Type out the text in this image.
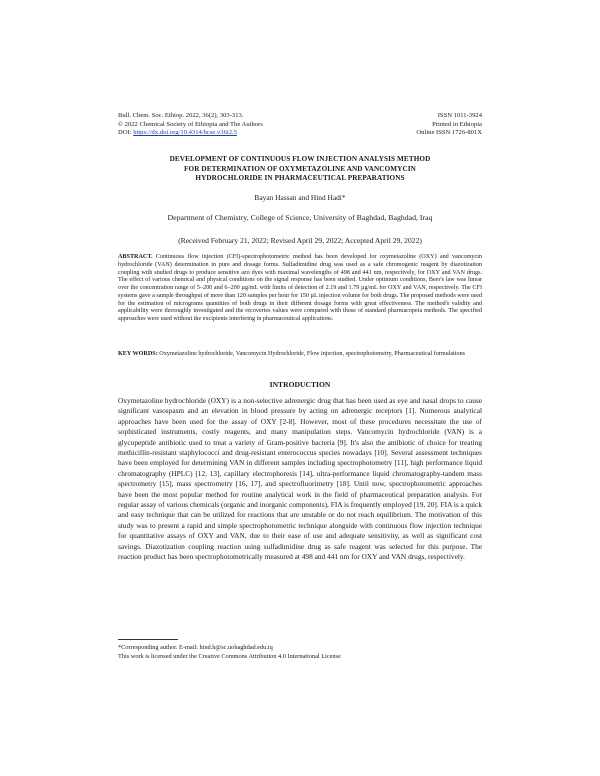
Bull. Chem. Soc. Ethiop. 2022, 36(2), 303-313.
© 2022 Chemical Society of Ethiopia and The Authors
DOI: https://dx.doi.org/10.4314/bcse.v36i2.5
ISSN 1011-3924
Printed in Ethiopia
Online ISSN 1726-801X
DEVELOPMENT OF CONTINUOUS FLOW INJECTION ANALYSIS METHOD
FOR DETERMINATION OF OXYMETAZOLINE AND VANCOMYCIN
HYDROCHLORIDE IN PHARMACEUTICAL PREPARATIONS
Bayan Hassan and Hind Hadi*
Department of Chemistry, College of Science, University of Baghdad, Baghdad, Iraq
(Received February 21, 2022; Revised April 29, 2022; Accepted April 29, 2022)
ABSTRACT. Continuous flow injection (CFI)-spectrophotometric method has been developed for oxymetazoline (OXY) and vancomycin hydrochloride (VAN) determination in pure and dosage forms. Sulfadimidine drug was used as a safe chromogenic reagent by diazotization coupling with studied drugs to produce sensitive azo dyes with maximal wavelengths of 498 and 441 nm, respectively, for OXY and VAN drugs. The effect of various chemical and physical conditions on the signal response has been studied. Under optimum conditions, Beer's law was linear over the concentration range of 5–200 and 6–200 µg/mL with limits of detection of 2.19 and 1.79 µg/mL for OXY and VAN, respectively. The CFI systems gave a sample throughput of more than 120 samples per hour for 150 µL injection volume for both drugs. The proposed methods were used for the estimation of micrograms quantities of both drugs in their different dosage forms with great effectiveness. The method's validity and applicability were thoroughly investigated and the recoveries values were compared with those of standard pharmacopeia methods. The specified approaches were used without the excipients interfering in pharmaceutical applications.
KEY WORDS: Oxymetazoline hydrochloride, Vancomycin Hydrochloride, Flow injection, spectrophotometry, Pharmaceutical formulations
INTRODUCTION
Oxymetazoline hydrochloride (OXY) is a non-selective adrenergic drug that has been used as eye and nasal drops to cause significant vasospasm and an elevation in blood pressure by acting on adrenergic receptors [1]. Numerous analytical approaches have been used for the assay of OXY [2-8]. However, most of these procedures necessitate the use of sophisticated instruments, costly reagents, and many manipulation steps. Vancomycin hydrochloride (VAN) is a glycopeptide antibiotic used to treat a variety of Gram-positive bacteria [9]. It's also the antibiotic of choice for treating methicillin-resistant staphylococci and drug-resistant enterococcus species nowadays [10]. Several assessment techniques have been employed for determining VAN in different samples including spectrophotometry [11], high performance liquid chromatography (HPLC) [12, 13], capillary electrophoresis [14], ultra-performance liquid chromatography-tandem mass spectrometry [15], mass spectrometry [16, 17], and spectrofluorimetry [18]. Until now, spectrophotometric approaches have been the most popular method for routine analytical work in the field of pharmaceutical preparation analysis. For regular assay of various chemicals (organic and inorganic components), FIA is frequently employed [19, 20]. FIA is a quick and easy technique that can be utilized for reactions that are unstable or do not reach equilibrium. The motivation of this study was to present a rapid and simple spectrophotometric technique alongside with continuous flow injection technique for quantitative assays of OXY and VAN, due to their ease of use and adequate sensitivity, as well as significant cost savings. Diazotization coupling reaction using sulfadimidine drug as safe reagent was selected for this purpose. The reaction product has been spectrophotometrically measured at 498 and 441 nm for OXY and VAN drugs, respectively.
*Corresponding author. E-mail: hind.h@sc.uobaghdad.edu.iq
This work is licensed under the Creative Commons Attribution 4.0 International License
